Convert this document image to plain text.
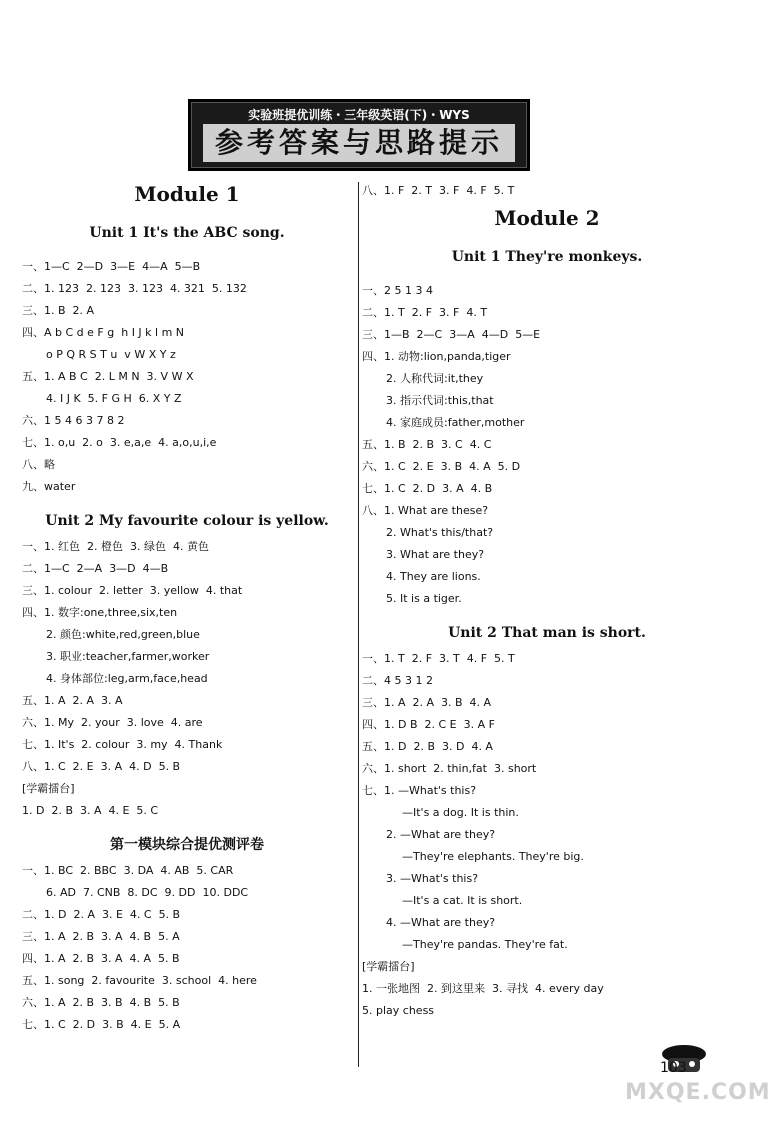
实验班提优训练・三年级英语(下)・WYS
参考答案与思路提示
Module 1
Unit 1 It's the ABC song.
一、1—C  2—D  3—E  4—A  5—B
二、1. 123  2. 123  3. 123  4. 321  5. 132
三、1. B  2. A
四、A b C d e F g  h I J k l m N
o P Q R S T u  v W X Y z
五、1. A B C  2. L M N  3. V W X
4. I J K  5. F G H  6. X Y Z
六、1 5 4 6 3 7 8 2
七、1. o,u  2. o  3. e,a,e  4. a,o,u,i,e
八、略
九、water
Unit 2 My favourite colour is yellow.
一、1. 红色  2. 橙色  3. 绿色  4. 黄色
二、1—C  2—A  3—D  4—B
三、1. colour  2. letter  3. yellow  4. that
四、1. 数字:one,three,six,ten
2. 颜色:white,red,green,blue
3. 职业:teacher,farmer,worker
4. 身体部位:leg,arm,face,head
五、1. A  2. A  3. A
六、1. My  2. your  3. love  4. are
七、1. It's  2. colour  3. my  4. Thank
八、1. C  2. E  3. A  4. D  5. B
[学霸擂台]
1. D  2. B  3. A  4. E  5. C
第一模块综合提优测评卷
一、1. BC  2. BBC  3. DA  4. AB  5. CAR
6. AD  7. CNB  8. DC  9. DD  10. DDC
二、1. D  2. A  3. E  4. C  5. B
三、1. A  2. B  3. A  4. B  5. A
四、1. A  2. B  3. A  4. A  5. B
五、1. song  2. favourite  3. school  4. here
六、1. A  2. B  3. B  4. B  5. B
七、1. C  2. D  3. B  4. E  5. A
八、1. F  2. T  3. F  4. F  5. T
Module 2
Unit 1 They're monkeys.
一、2 5 1 3 4
二、1. T  2. F  3. F  4. T
三、1—B  2—C  3—A  4—D  5—E
四、1. 动物:lion,panda,tiger
2. 人称代词:it,they
3. 指示代词:this,that
4. 家庭成员:father,mother
五、1. B  2. B  3. C  4. C
六、1. C  2. E  3. B  4. A  5. D
七、1. C  2. D  3. A  4. B
八、1. What are these?
2. What's this/that?
3. What are they?
4. They are lions.
5. It is a tiger.
Unit 2 That man is short.
一、1. T  2. F  3. T  4. F  5. T
二、4 5 3 1 2
三、1. A  2. A  3. B  4. A
四、1. D B  2. C E  3. A F
五、1. D  2. B  3. D  4. A
六、1. short  2. thin,fat  3. short
七、1. —What's this?
—It's a dog. It is thin.
2. —What are they?
—They're elephants. They're big.
3. —What's this?
—It's a cat. It is short.
4. —What are they?
—They're pandas. They're fat.
[学霸擂台]
1. 一张地图  2. 到这里来  3. 寻找  4. every day
5. play chess
103
MXQE.COM
